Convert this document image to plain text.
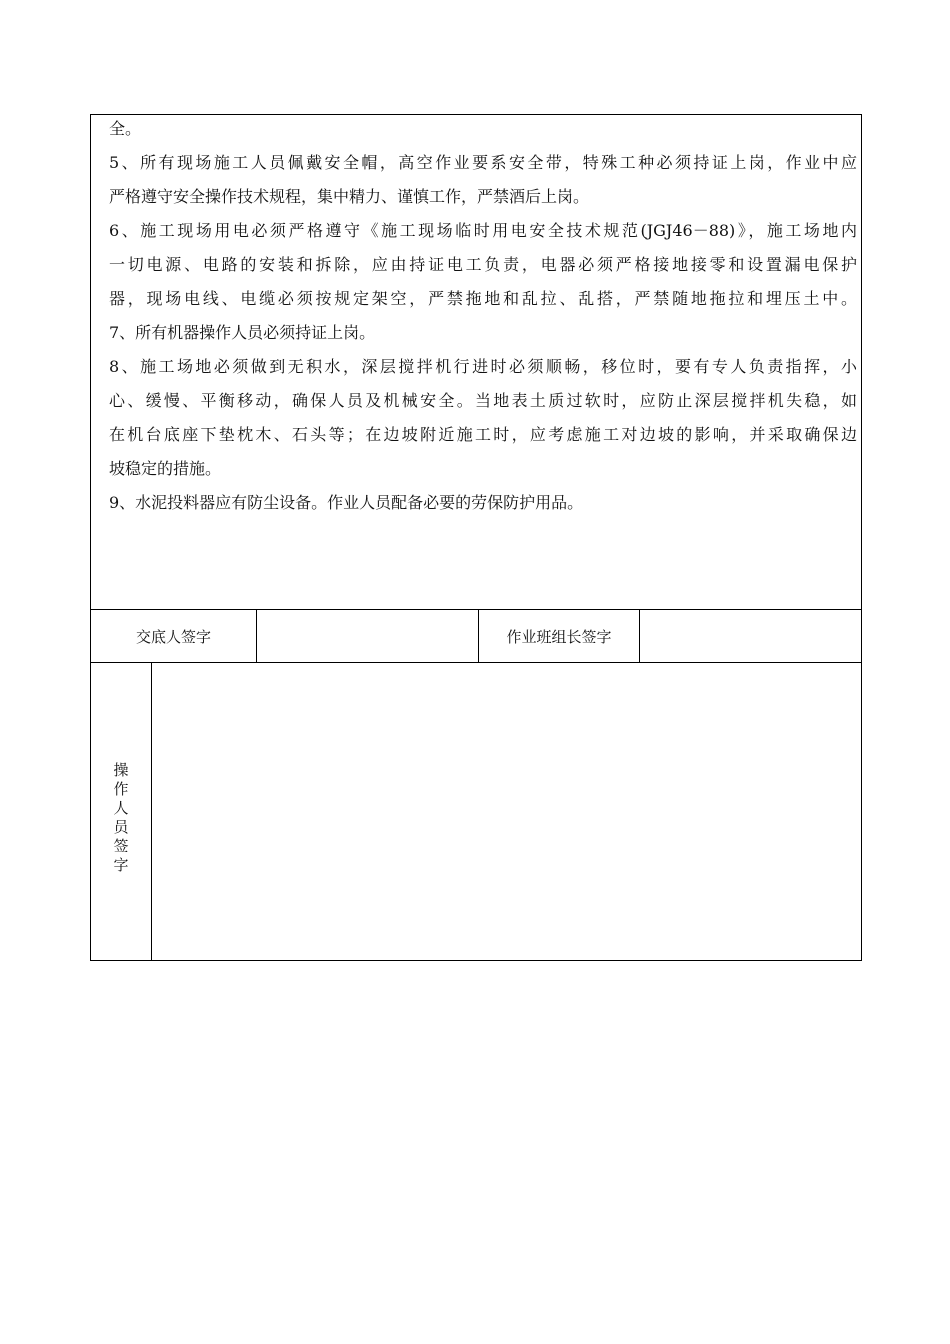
全。
5、所有现场施工人员佩戴安全帽，高空作业要系安全带，特殊工种必须持证上岗，作业中应
严格遵守安全操作技术规程，集中精力、谨慎工作，严禁酒后上岗。
6、施工现场用电必须严格遵守《施工现场临时用电安全技术规范(JGJ46－88)》，施工场地内
一切电源、电路的安装和拆除，应由持证电工负责，电器必须严格接地接零和设置漏电保护
器，现场电线、电缆必须按规定架空，严禁拖地和乱拉、乱搭，严禁随地拖拉和埋压土中。
7、所有机器操作人员必须持证上岗。
8、施工场地必须做到无积水，深层搅拌机行进时必须顺畅，移位时，要有专人负责指挥，小
心、缓慢、平衡移动，确保人员及机械安全。当地表土质过软时，应防止深层搅拌机失稳，如
在机台底座下垫枕木、石头等；在边坡附近施工时，应考虑施工对边坡的影响，并采取确保边
坡稳定的措施。
9、水泥投料器应有防尘设备。作业人员配备必要的劳保防护用品。
交底人签字	作业班组长签字
操作人员签字
